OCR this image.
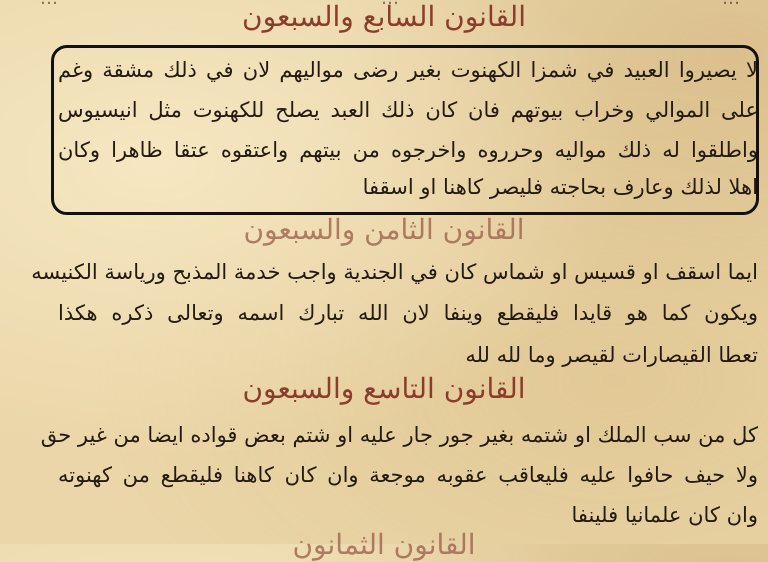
القانون السابع والسبعون
لا يصيروا العبيد في شمزا الكهنوت بغير رضى مواليهم لان في ذلك مشقة وغم
على الموالي وخراب بيوتهم فان كان ذلك العبد يصلح للكهنوت مثل انيسيوس
واطلقوا له ذلك مواليه وحرروه واخرجوه من بيتهم واعتقوه عتقا ظاهرا وكان
اهلا لذلك وعارف بحاجته فليصر كاهنا او اسقفا
القانون الثامن والسبعون
ايما اسقف او قسيس او شماس كان في الجندية واجب خدمة المذبح ورياسة الكنيسه
ويكون كما هو قايدا فليقطع وينفا لان الله تبارك اسمه وتعالى ذكره هكذا
تعطا القيصارات لقيصر وما لله لله
القانون التاسع والسبعون
كل من سب الملك او شتمه بغير جور جار عليه او شتم بعض قواده ايضا من غير حق
ولا حيف حافوا عليه فليعاقب عقوبه موجعة وان كان كاهنا فليقطع من كهنوته
وان كان علمانيا فلينفا
القانون الثمانون
